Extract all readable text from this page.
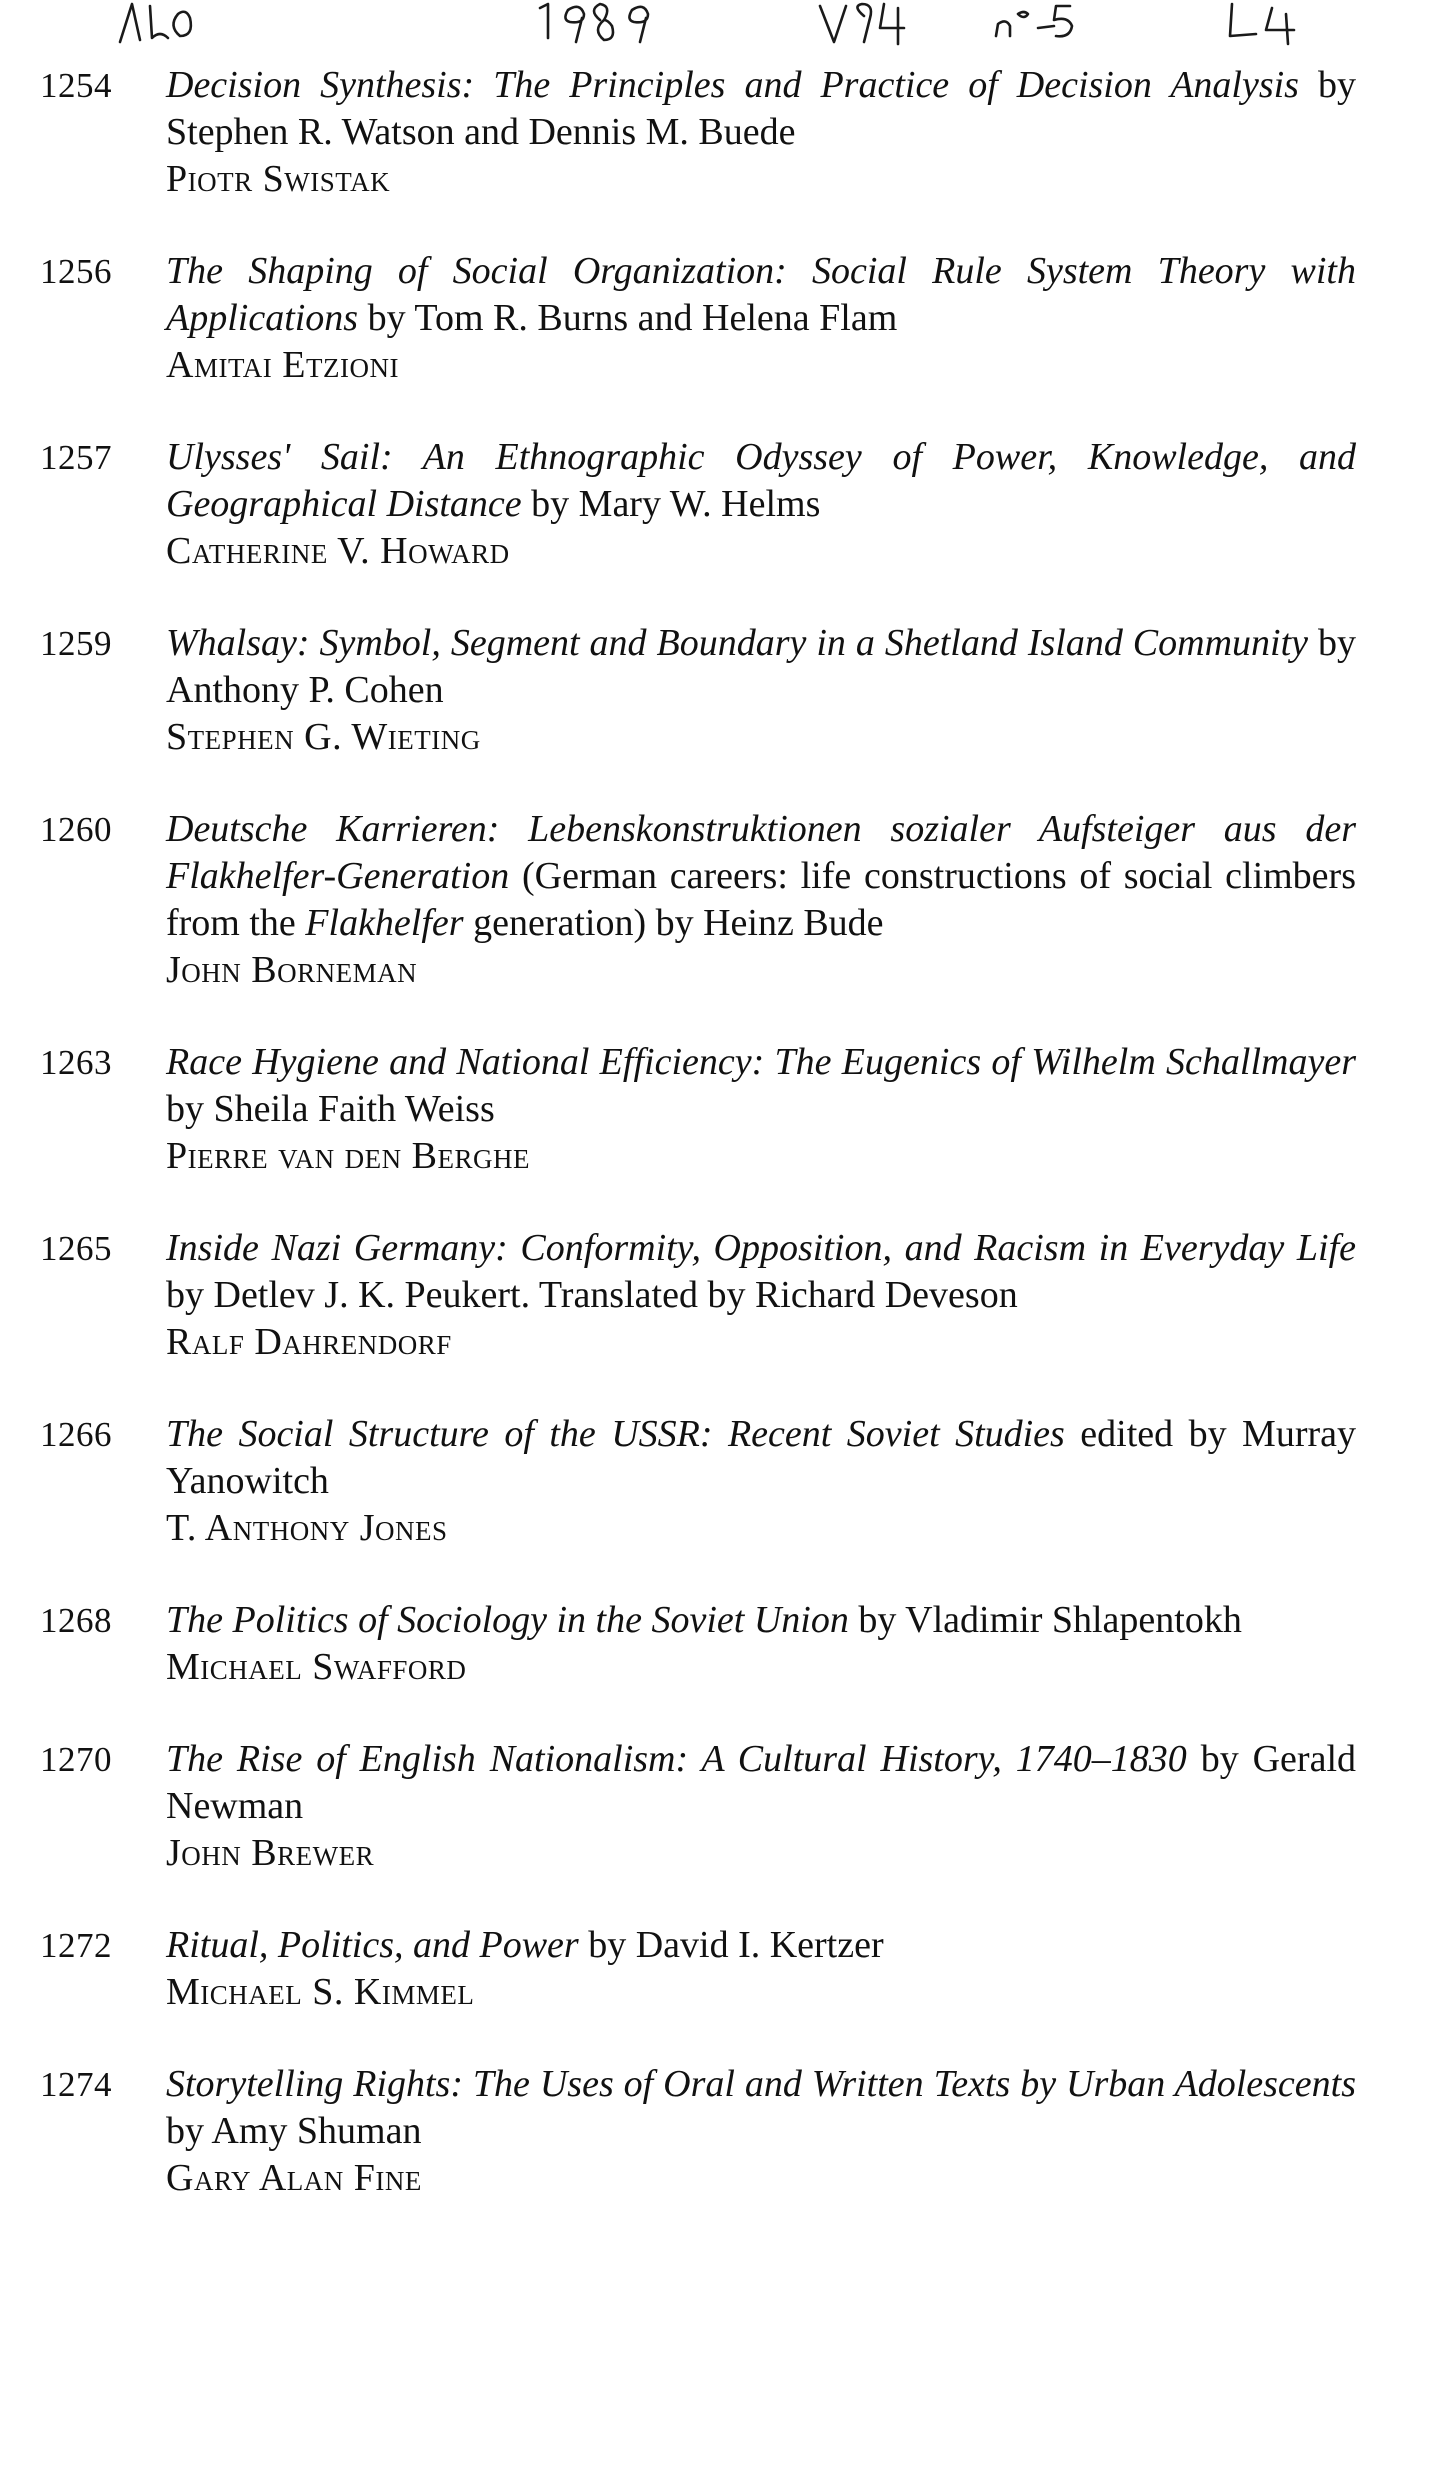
1254	Decision Synthesis: The Principles and Practice of Decision Analysis by Stephen R. Watson and Dennis M. Buede
Piotr Swistak
1256	The Shaping of Social Organization: Social Rule System Theory with Applications by Tom R. Burns and Helena Flam
Amitai Etzioni
1257	Ulysses' Sail: An Ethnographic Odyssey of Power, Knowledge, and Geographical Distance by Mary W. Helms
Catherine V. Howard
1259	Whalsay: Symbol, Segment and Boundary in a Shetland Island Community by Anthony P. Cohen
Stephen G. Wieting
1260	Deutsche Karrieren: Lebenskonstruktionen sozialer Aufsteiger aus der Flakhelfer-Generation (German careers: life constructions of social climbers from the Flakhelfer generation) by Heinz Bude
John Borneman
1263	Race Hygiene and National Efficiency: The Eugenics of Wilhelm Schallmayer by Sheila Faith Weiss
Pierre van den Berghe
1265	Inside Nazi Germany: Conformity, Opposition, and Racism in Everyday Life by Detlev J. K. Peukert. Translated by Richard Deveson
Ralf Dahrendorf
1266	The Social Structure of the USSR: Recent Soviet Studies edited by Murray Yanowitch
T. Anthony Jones
1268	The Politics of Sociology in the Soviet Union by Vladimir Shlapentokh
Michael Swafford
1270	The Rise of English Nationalism: A Cultural History, 1740–1830 by Gerald Newman
John Brewer
1272	Ritual, Politics, and Power by David I. Kertzer
Michael S. Kimmel
1274	Storytelling Rights: The Uses of Oral and Written Texts by Urban Adolescents by Amy Shuman
Gary Alan Fine
